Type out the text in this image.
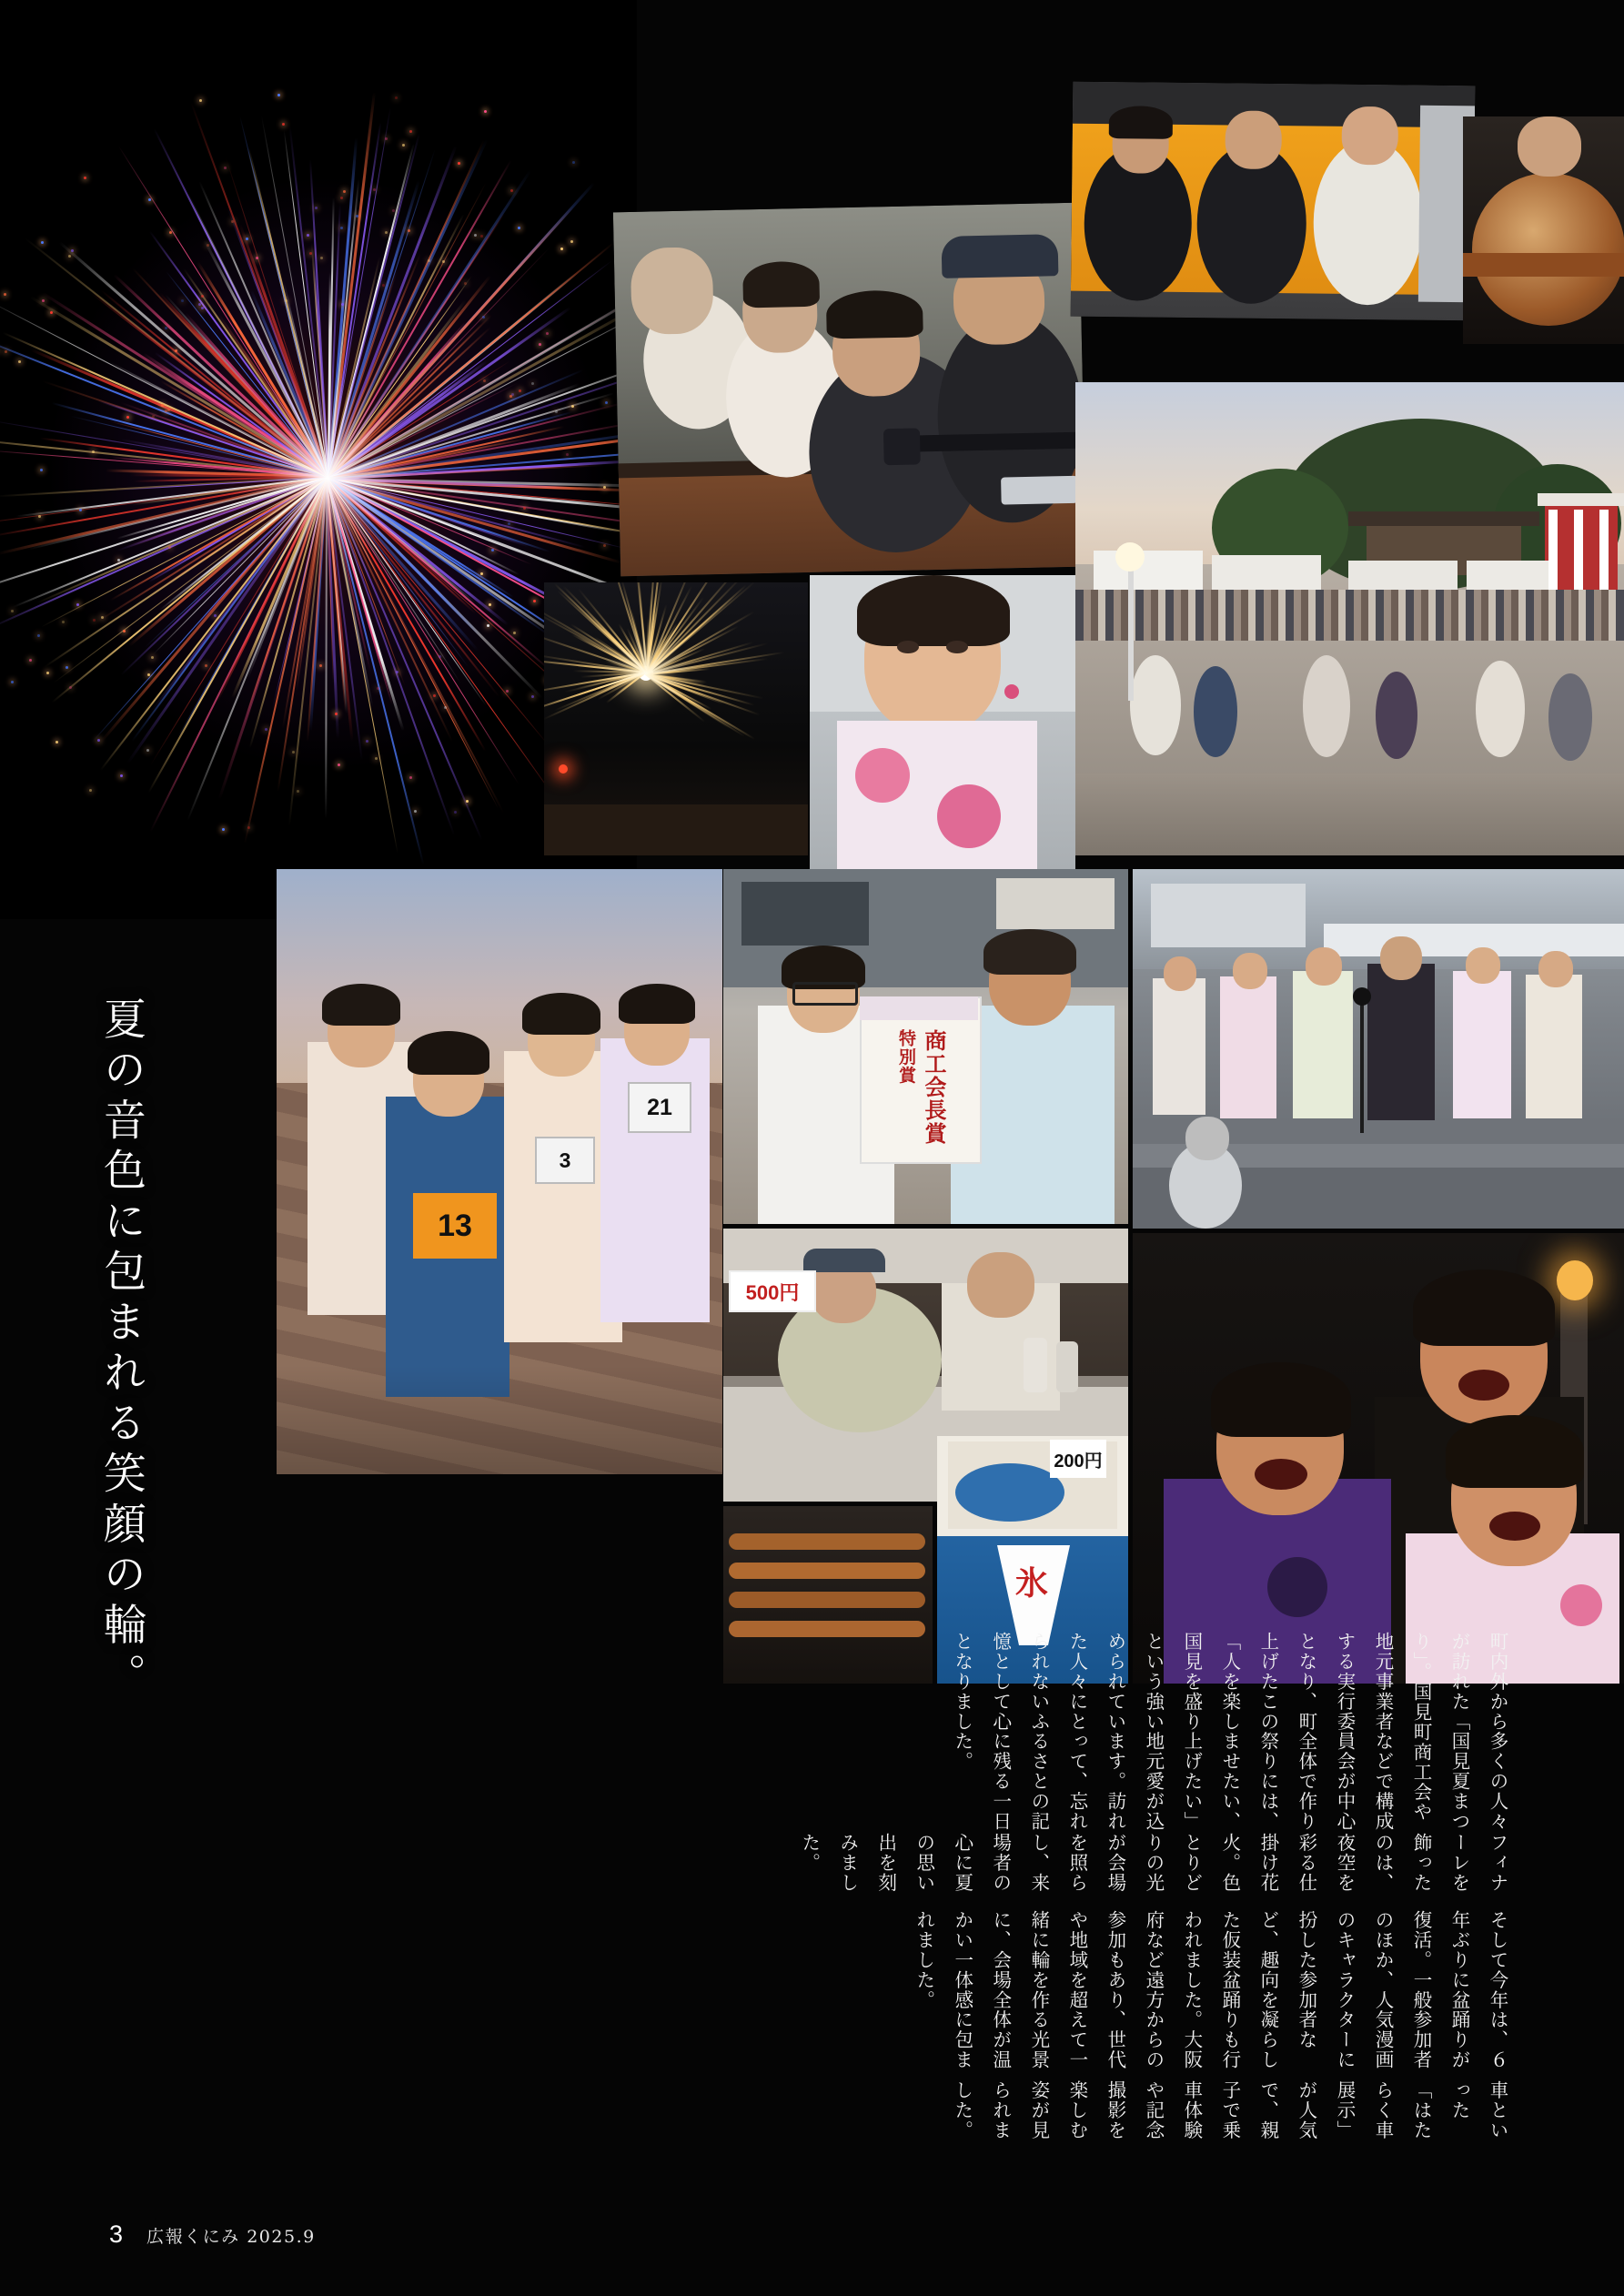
13
3
21
特別賞 商工会長賞
500円
200円
氷
夏の音色に包まれる笑顔の輪。

車といった「はたらく車展示」が人気で、親子で乗車体験や記念撮影を楽しむ姿が見られました。

そして今年は、６年ぶりに盆踊りが復活。一般参加者のほか、人気漫画のキャラクターに扮した参加者など、趣向を凝らした仮装盆踊りも行われました。大阪府など遠方からの参加もあり、世代や地域を超えて一緒に輪を作る光景に、会場全体が温かい一体感に包まれました。

フィナーレを飾ったのは、夜空を彩る仕掛け花火。色とりどりの光が会場を照らし、来場者の心に夏の思い出を刻みました。

町内外から多くの人々が訪れた「国見夏まつり」。国見町商工会や地元事業者などで構成する実行委員会が中心となり、町全体で作り上げたこの祭りには、「人を楽しませたい、国見を盛り上げたい」という強い地元愛が込められています。訪れた人々にとって、忘れられないふるさとの記憶として心に残る一日となりました。

3 広報くにみ 2025.9
